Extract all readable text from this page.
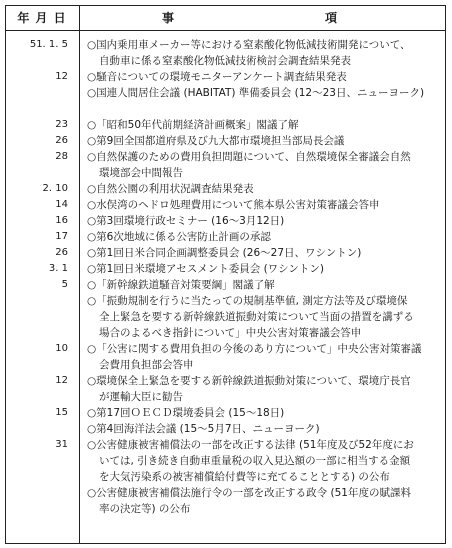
年 月 日	事	項
51. 1. 5 ○国内乗用車メーカー等における窒素酸化物低減技術開発について、
自動車に係る窒素酸化物低減技術検討会調査結果発表
12 ○騒音についての環境モニターアンケート調査結果発表
○国連人間居住会議 (HABITAT) 準備委員会 (12～23日、ニューヨーク)
23 ○「昭和50年代前期経済計画概案」閣議了解
26 ○第9回全国都道府県及び九大都市環境担当部局長会議
28 ○自然保護のための費用負担問題について、自然環境保全審議会自然
環境部会中間報告
2. 10 ○自然公園の利用状況調査結果発表
14 ○水俣湾のヘドロ処理費用について熊本県公害対策審議会答申
16 ○第3回環境行政セミナー (16～3月12日)
17 ○第6次地域に係る公害防止計画の承認
26 ○第1回日米合同企画調整委員会 (26～27日、ワシントン)
3. 1 ○第1回日米環境アセスメント委員会 (ワシントン)
5 ○「新幹線鉄道騒音対策要綱」閣議了解
○「振動規制を行うに当たっての規制基準値, 測定方法等及び環境保
全上緊急を要する新幹線鉄道振動対策について当面の措置を講ずる
場合のよるべき指針について」中央公害対策審議会答申
10 ○「公害に関する費用負担の今後のあり方について」中央公害対策審議
会費用負担部会答申
12 ○環境保全上緊急を要する新幹線鉄道振動対策について、環境庁長官
が運輸大臣に勧告
15 ○第17回ＯＥＣＤ環境委員会 (15～18日)
○第4回海洋法会議 (15～5月7日、ニューヨーク)
31 ○公害健康被害補償法の一部を改正する法律 (51年度及び52年度にお
いては, 引き続き自動車重量税の収入見込額の一部に相当する金額
を大気汚染系の被害補償給付費等に充てることとする) の公布
○公害健康被害補償法施行令の一部を改正する政令 (51年度の賦課料
率の決定等) の公布
